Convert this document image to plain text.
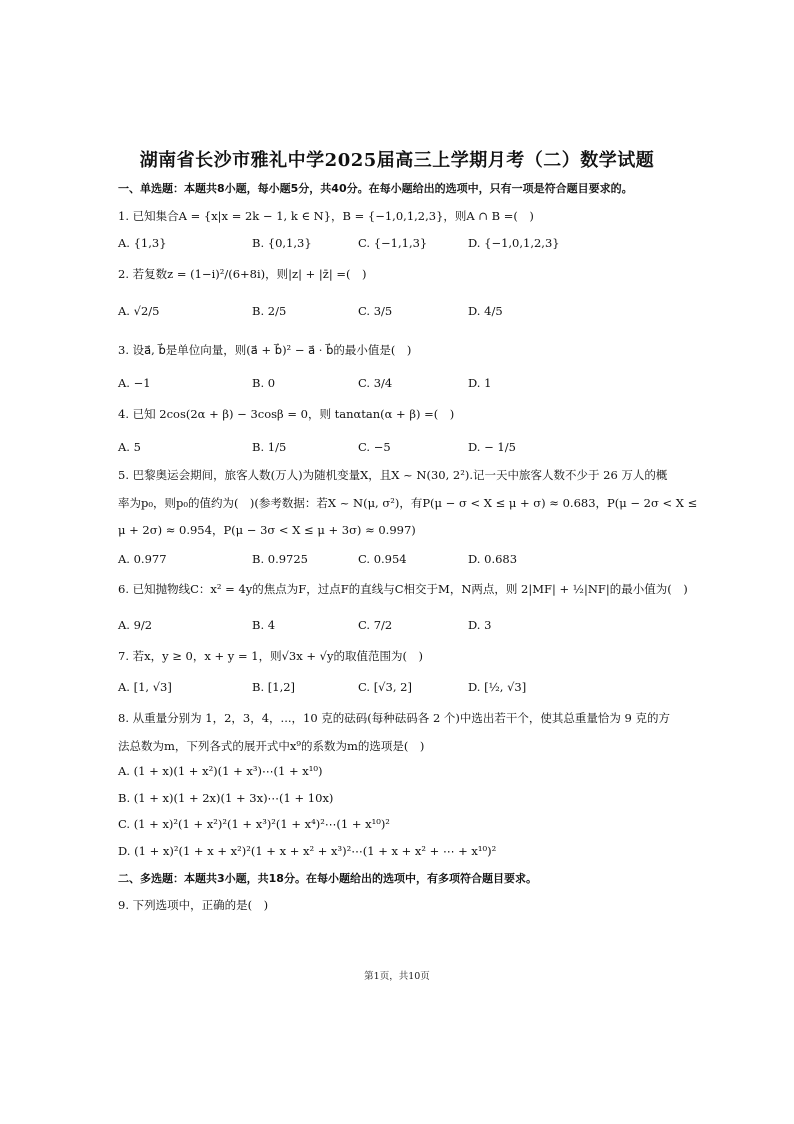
湖南省长沙市雅礼中学2025届高三上学期月考（二）数学试题
一、单选题：本题共8小题，每小题5分，共40分。在每小题给出的选项中，只有一项是符合题目要求的。
1. 已知集合A = {x|x = 2k − 1, k ∈ N}，B = {−1,0,1,2,3}，则A ∩ B =(　)
A. {1,3}	B. {0,1,3}	C. {−1,1,3}	D. {−1,0,1,2,3}
2. 若复数z = (1−i)²/(6+8i)，则|z| + |z̄| =(　)
A. √2/5	B. 2/5	C. 3/5	D. 4/5
3. 设a⃗, b⃗是单位向量，则(a⃗ + b⃗)² − a⃗ · b⃗的最小值是(　)
A. −1	B. 0	C. 3/4	D. 1
4. 已知 2cos(2α + β) − 3cosβ = 0，则 tanαtan(α + β) =(　)
A. 5	B. 1/5	C. −5	D. − 1/5
5. 巴黎奥运会期间，旅客人数(万人)为随机变量X，且X ~ N(30, 2²).记一天中旅客人数不少于 26 万人的概
率为p₀，则p₀的值约为(　)(参考数据：若X ~ N(μ, σ²)，有P(μ − σ < X ≤ μ + σ) ≈ 0.683，P(μ − 2σ < X ≤
μ + 2σ) ≈ 0.954，P(μ − 3σ < X ≤ μ + 3σ) ≈ 0.997)
A. 0.977	B. 0.9725	C. 0.954	D. 0.683
6. 已知抛物线C：x² = 4y的焦点为F，过点F的直线与C相交于M，N两点，则 2|MF| + ½|NF|的最小值为(　)
A. 9/2	B. 4	C. 7/2	D. 3
7. 若x，y ≥ 0，x + y = 1，则√3x + √y的取值范围为(　)
A. [1, √3]	B. [1,2]	C. [√3, 2]	D. [½, √3]
8. 从重量分别为 1，2，3，4，...，10 克的砝码(每种砝码各 2 个)中选出若干个，使其总重量恰为 9 克的方
法总数为m，下列各式的展开式中x⁹的系数为m的选项是(　)
A. (1 + x)(1 + x²)(1 + x³)⋯(1 + x¹⁰)
B. (1 + x)(1 + 2x)(1 + 3x)⋯(1 + 10x)
C. (1 + x)²(1 + x²)²(1 + x³)²(1 + x⁴)²⋯(1 + x¹⁰)²
D. (1 + x)²(1 + x + x²)²(1 + x + x² + x³)²⋯(1 + x + x² + ⋯ + x¹⁰)²
二、多选题：本题共3小题，共18分。在每小题给出的选项中，有多项符合题目要求。
9. 下列选项中，正确的是(　)
第1页，共10页
